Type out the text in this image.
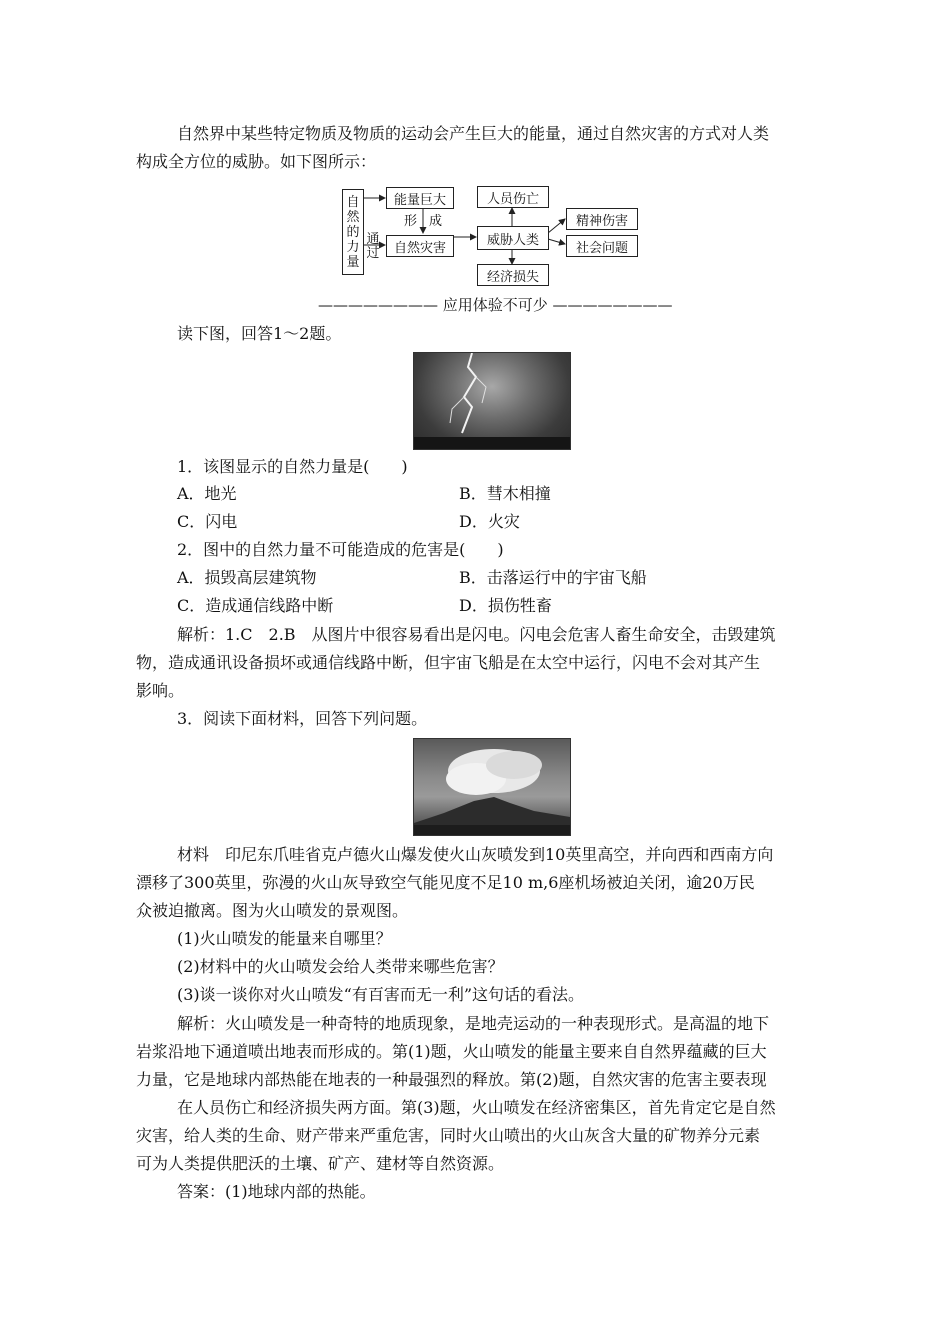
自然界中某些特定物质及物质的运动会产生巨大的能量，通过自然灾害的方式对人类
构成全方位的威胁。如下图所示：
自
然
的
力
量
通
过
能量巨大
形 成
自然灾害
威胁人类
人员伤亡
经济损失
精神伤害
社会问题
———————— 应用体验不可少 ————————
读下图，回答1～2题。
1．该图显示的自然力量是(　　)
A．地光	B．彗木相撞
C．闪电	D．火灾
2．图中的自然力量不可能造成的危害是(　　)
A．损毁高层建筑物	B．击落运行中的宇宙飞船
C．造成通信线路中断	D．损伤牲畜
解析：1.C　2.B　从图片中很容易看出是闪电。闪电会危害人畜生命安全，击毁建筑
物，造成通讯设备损坏或通信线路中断，但宇宙飞船是在太空中运行，闪电不会对其产生
影响。
3．阅读下面材料，回答下列问题。
材料　印尼东爪哇省克卢德火山爆发使火山灰喷发到10英里高空，并向西和西南方向
漂移了300英里，弥漫的火山灰导致空气能见度不足10 m,6座机场被迫关闭，逾20万民
众被迫撤离。图为火山喷发的景观图。
(1)火山喷发的能量来自哪里？
(2)材料中的火山喷发会给人类带来哪些危害？
(3)谈一谈你对火山喷发“有百害而无一利”这句话的看法。
解析：火山喷发是一种奇特的地质现象，是地壳运动的一种表现形式。是高温的地下
岩浆沿地下通道喷出地表而形成的。第(1)题，火山喷发的能量主要来自自然界蕴藏的巨大
力量，它是地球内部热能在地表的一种最强烈的释放。第(2)题，自然灾害的危害主要表现
在人员伤亡和经济损失两方面。第(3)题，火山喷发在经济密集区，首先肯定它是自然
灾害，给人类的生命、财产带来严重危害，同时火山喷出的火山灰含大量的矿物养分元素
可为人类提供肥沃的土壤、矿产、建材等自然资源。
答案：(1)地球内部的热能。
